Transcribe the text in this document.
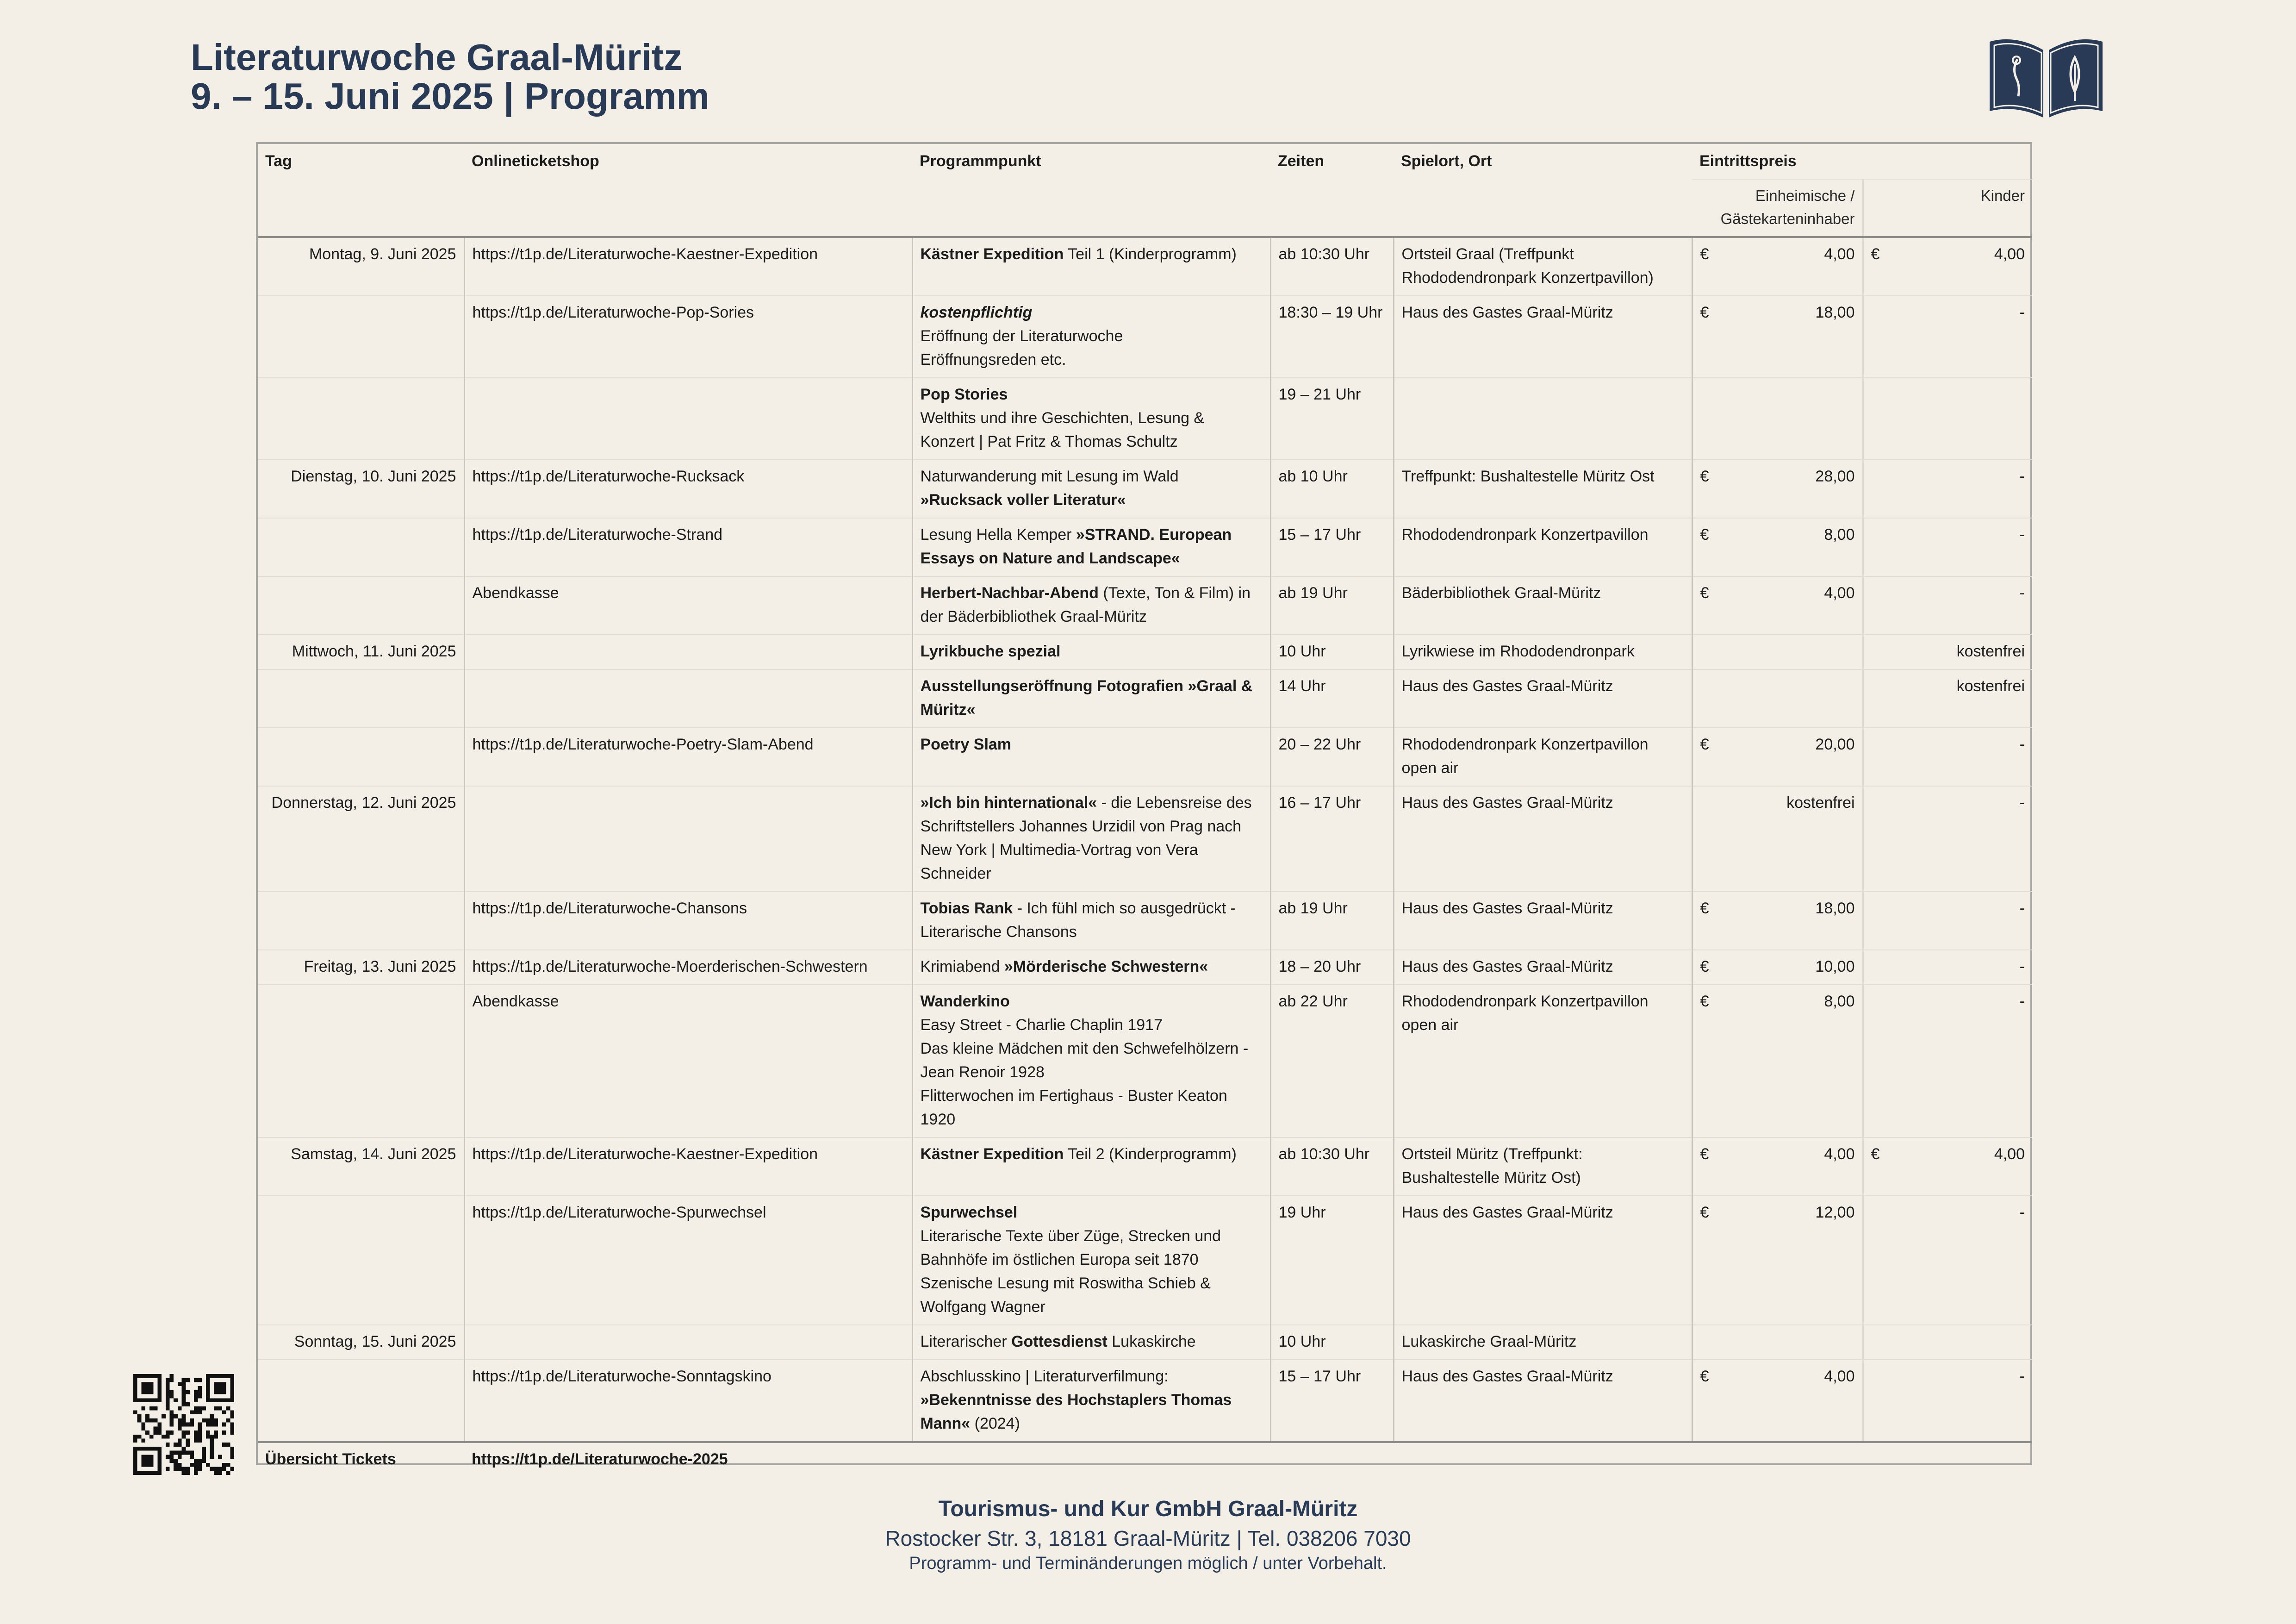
Literaturwoche Graal-Müritz
9. – 15. Juni 2025 | Programm
Tag	Onlineticketshop	Programmpunkt	Zeiten	Spielort, Ort	Eintrittspreis	
					Einheimische / Gästekarteninhaber	Kinder
Montag, 9. Juni 2025	https://t1p.de/Literaturwoche-Kaestner-Expedition	Kästner Expedition Teil 1 (Kinderprogramm)	ab 10:30 Uhr	Ortsteil Graal (Treffpunkt Rhododendronpark Konzertpavillon)	€ 4,00	€ 4,00

	https://t1p.de/Literaturwoche-Pop-Sories	kostenpflichtig
Eröffnung der Literaturwoche
Eröffnungsreden etc.	18:30 – 19 Uhr	Haus des Gastes Graal-Müritz	€ 18,00	-
		Pop Stories
Welthits und ihre Geschichten, Lesung & Konzert | Pat Fritz & Thomas Schultz	19 – 21 Uhr			
Dienstag, 10. Juni 2025	https://t1p.de/Literaturwoche-Rucksack	Naturwanderung mit Lesung im Wald »Rucksack voller Literatur«	ab 10 Uhr	Treffpunkt: Bushaltestelle Müritz Ost	€ 28,00	-
	https://t1p.de/Literaturwoche-Strand	Lesung Hella Kemper »STRAND. European Essays on Nature and Landscape«	15 – 17 Uhr	Rhododendronpark Konzertpavillon	€ 8,00	-
	Abendkasse	Herbert-Nachbar-Abend (Texte, Ton & Film) in der Bäderbibliothek Graal-Müritz	ab 19 Uhr	Bäderbibliothek Graal-Müritz	€ 4,00	-
Mittwoch, 11. Juni 2025		Lyrikbuche spezial	10 Uhr	Lyrikwiese im Rhododendronpark		kostenfrei
		Ausstellungseröffnung Fotografien »Graal & Müritz«	14 Uhr	Haus des Gastes Graal-Müritz		kostenfrei
	https://t1p.de/Literaturwoche-Poetry-Slam-Abend	Poetry Slam	20 – 22 Uhr	Rhododendronpark Konzertpavillon open air	€ 20,00	-
Donnerstag, 12. Juni 2025		»Ich bin hinternational« - die Lebensreise des Schriftstellers Johannes Urzidil von Prag nach New York | Multimedia-Vortrag von Vera Schneider	16 – 17 Uhr	Haus des Gastes Graal-Müritz	kostenfrei	-
	https://t1p.de/Literaturwoche-Chansons	Tobias Rank - Ich fühl mich so ausgedrückt - Literarische Chansons	ab 19 Uhr	Haus des Gastes Graal-Müritz	€ 18,00	-
Freitag, 13. Juni 2025	https://t1p.de/Literaturwoche-Moerderischen-Schwestern	Krimiabend »Mörderische Schwestern«	18 – 20 Uhr	Haus des Gastes Graal-Müritz	€ 10,00	-
	Abendkasse	Wanderkino
Easy Street - Charlie Chaplin 1917
Das kleine Mädchen mit den Schwefelhölzern - Jean Renoir 1928
Flitterwochen im Fertighaus - Buster Keaton 1920	ab 22 Uhr	Rhododendronpark Konzertpavillon open air	€ 8,00	-
Samstag, 14. Juni 2025	https://t1p.de/Literaturwoche-Kaestner-Expedition	Kästner Expedition Teil 2 (Kinderprogramm)	ab 10:30 Uhr	Ortsteil Müritz (Treffpunkt: Bushaltestelle Müritz Ost)	€ 4,00	€ 4,00

	https://t1p.de/Literaturwoche-Spurwechsel	Spurwechsel
Literarische Texte über Züge, Strecken und Bahnhöfe im östlichen Europa seit 1870
Szenische Lesung mit Roswitha Schieb & Wolfgang Wagner	19 Uhr	Haus des Gastes Graal-Müritz	€ 12,00	-
Sonntag, 15. Juni 2025		Literarischer Gottesdienst Lukaskirche	10 Uhr	Lukaskirche Graal-Müritz		
	https://t1p.de/Literaturwoche-Sonntagskino	Abschlusskino | Literaturverfilmung: »Bekenntnisse des Hochstaplers Thomas Mann« (2024)	15 – 17 Uhr	Haus des Gastes Graal-Müritz	€ 4,00	-
Übersicht Tickets	https://t1p.de/Literaturwoche-2025					
Tourismus- und Kur GmbH Graal-Müritz
Rostocker Str. 3, 18181 Graal-Müritz | Tel. 038206 7030
Programm- und Terminänderungen möglich / unter Vorbehalt.
